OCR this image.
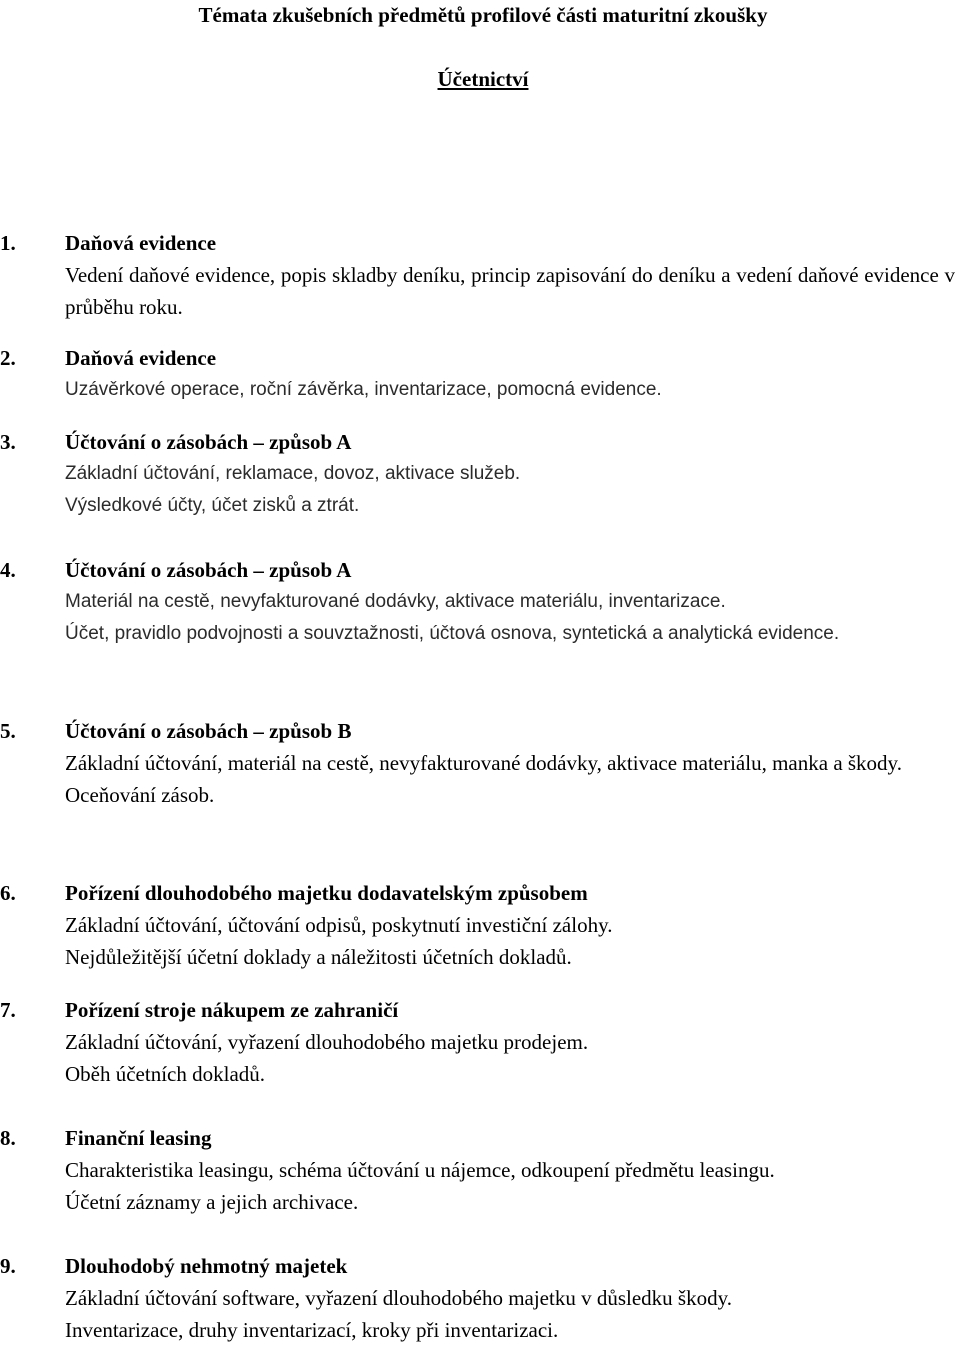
Témata zkušebních předmětů profilové části maturitní zkoušky
Účetnictví
1. Daňová evidence

Vedení daňové evidence, popis skladby deníku, princip zapisování do deníku a vedení daňové evidence v průběhu roku.

2. Daňová evidence

Uzávěrkové operace, roční závěrka, inventarizace, pomocná evidence.

3. Účtování o zásobách – způsob A

Základní účtování, reklamace, dovoz, aktivace služeb.

Výsledkové účty, účet zisků a ztrát.

4. Účtování o zásobách – způsob A

Materiál na cestě, nevyfakturované dodávky, aktivace materiálu, inventarizace.

Účet, pravidlo podvojnosti a souvztažnosti, účtová osnova, syntetická a analytická evidence.

5. Účtování o zásobách – způsob B

Základní účtování, materiál na cestě, nevyfakturované dodávky, aktivace materiálu, manka a škody.

Oceňování zásob.

6. Pořízení dlouhodobého majetku dodavatelským způsobem

Základní účtování, účtování odpisů, poskytnutí investiční zálohy.

Nejdůležitější účetní doklady a náležitosti účetních dokladů.

7. Pořízení stroje nákupem ze zahraničí

Základní účtování, vyřazení dlouhodobého majetku prodejem.

Oběh účetních dokladů.

8. Finanční leasing

Charakteristika leasingu, schéma účtování u nájemce, odkoupení předmětu leasingu.

Účetní záznamy a jejich archivace.

9. Dlouhodobý nehmotný majetek

Základní účtování software, vyřazení dlouhodobého majetku v důsledku škody.

Inventarizace, druhy inventarizací, kroky při inventarizaci.
